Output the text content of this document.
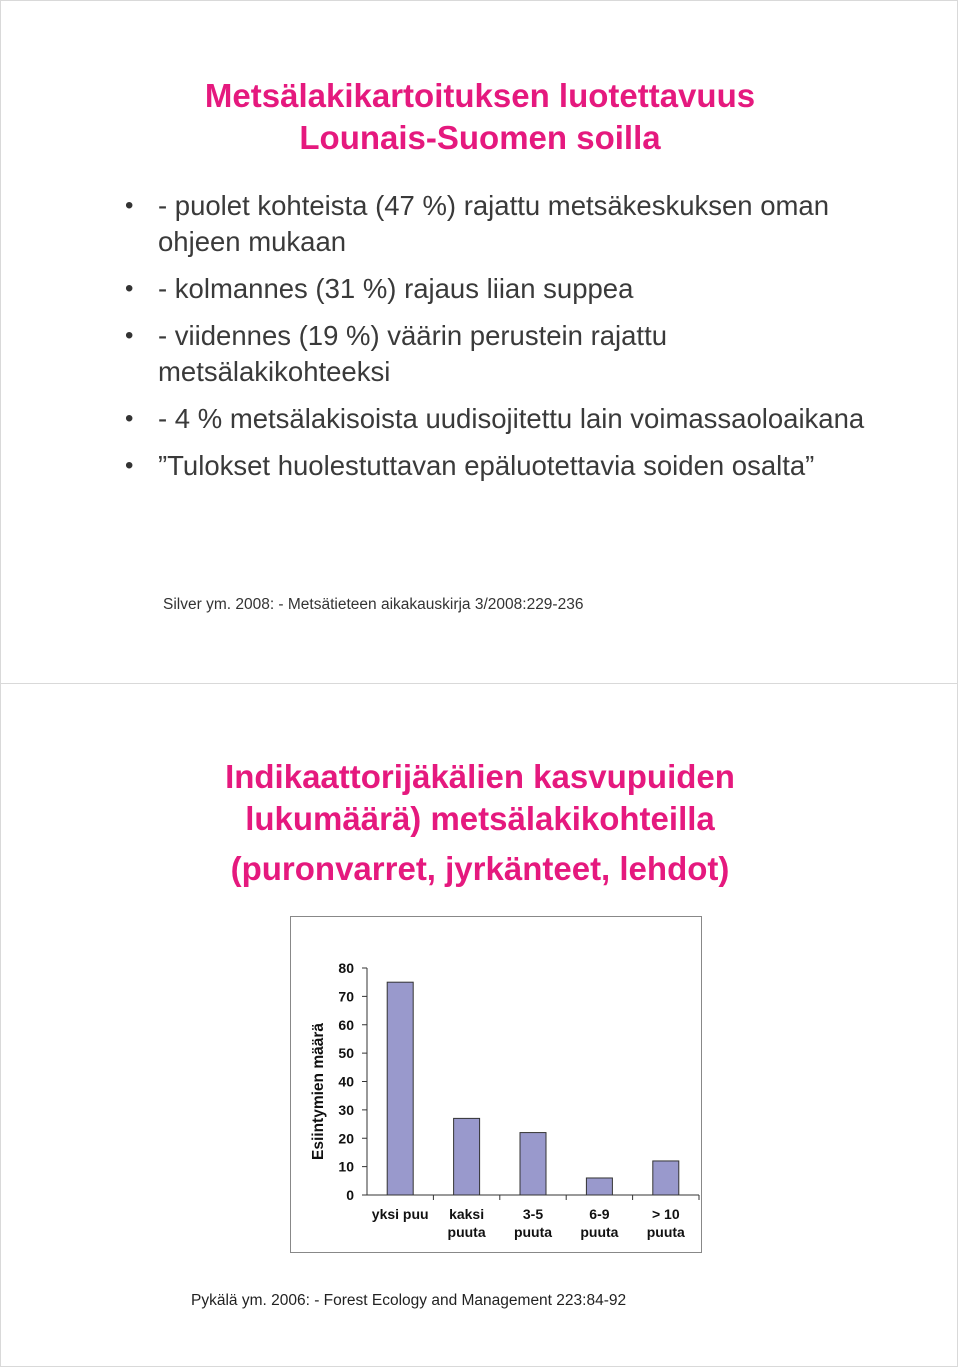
Metsälakikartoituksen luotettavuus
Lounais-Suomen soilla
• - puolet kohteista (47 %) rajattu metsäkeskuksen oman ohjeen mukaan
• - kolmannes (31 %) rajaus liian suppea
• - viidennes (19 %) väärin perustein rajattu metsälakikohteeksi
• - 4 % metsälakisoista uudisojitettu lain voimassaoloaikana
• ”Tulokset huolestuttavan epäluotettavia soiden osalta”
Silver ym. 2008: - Metsätieteen aikakauskirja 3/2008:229-236
Indikaattorijäkälien kasvupuiden
lukumäärä) metsälakikohteilla
(puronvarret, jyrkänteet, lehdot)
0
10
20
30
40
50
60
70
80
Esiintymien määrä
yksi puu kaksi
puuta
3-5
puuta
6-9
puuta
> 10
puuta
Pykälä ym. 2006: - Forest Ecology and Management 223:84-92
